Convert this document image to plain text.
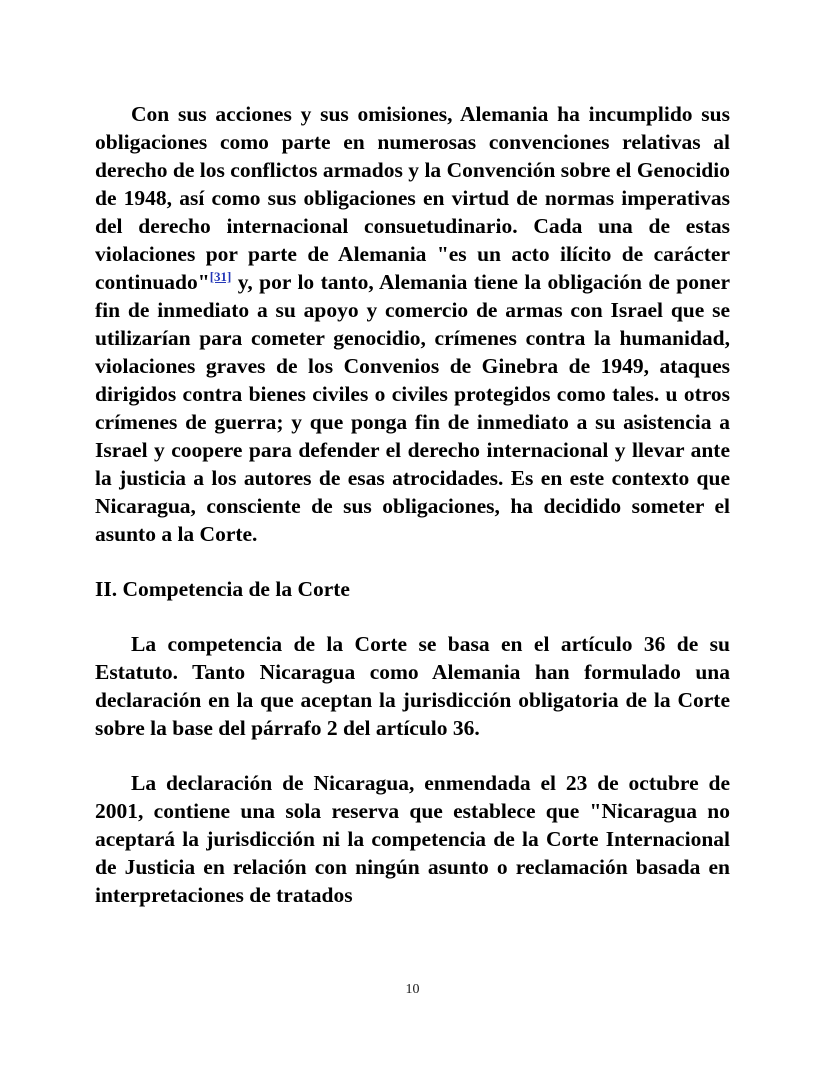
Con sus acciones y sus omisiones, Alemania ha incumplido sus obligaciones como parte en numerosas convenciones relativas al derecho de los conflictos armados y la Convención sobre el Genocidio de 1948, así como sus obligaciones en virtud de normas imperativas del derecho internacional consuetudinario. Cada una de estas violaciones por parte de Alemania "es un acto ilícito de carácter continuado"[31] y, por lo tanto, Alemania tiene la obligación de poner fin de inmediato a su apoyo y comercio de armas con Israel que se utilizarían para cometer genocidio, crímenes contra la humanidad, violaciones graves de los Convenios de Ginebra de 1949, ataques dirigidos contra bienes civiles o civiles protegidos como tales. u otros crímenes de guerra; y que ponga fin de inmediato a su asistencia a Israel y coopere para defender el derecho internacional y llevar ante la justicia a los autores de esas atrocidades. Es en este contexto que Nicaragua, consciente de sus obligaciones, ha decidido someter el asunto a la Corte.

II. Competencia de la Corte

La competencia de la Corte se basa en el artículo 36 de su Estatuto. Tanto Nicaragua como Alemania han formulado una declaración en la que aceptan la jurisdicción obligatoria de la Corte sobre la base del párrafo 2 del artículo 36.

La declaración de Nicaragua, enmendada el 23 de octubre de 2001, contiene una sola reserva que establece que "Nicaragua no aceptará la jurisdicción ni la competencia de la Corte Internacional de Justicia en relación con ningún asunto o reclamación basada en interpretaciones de tratados

10
